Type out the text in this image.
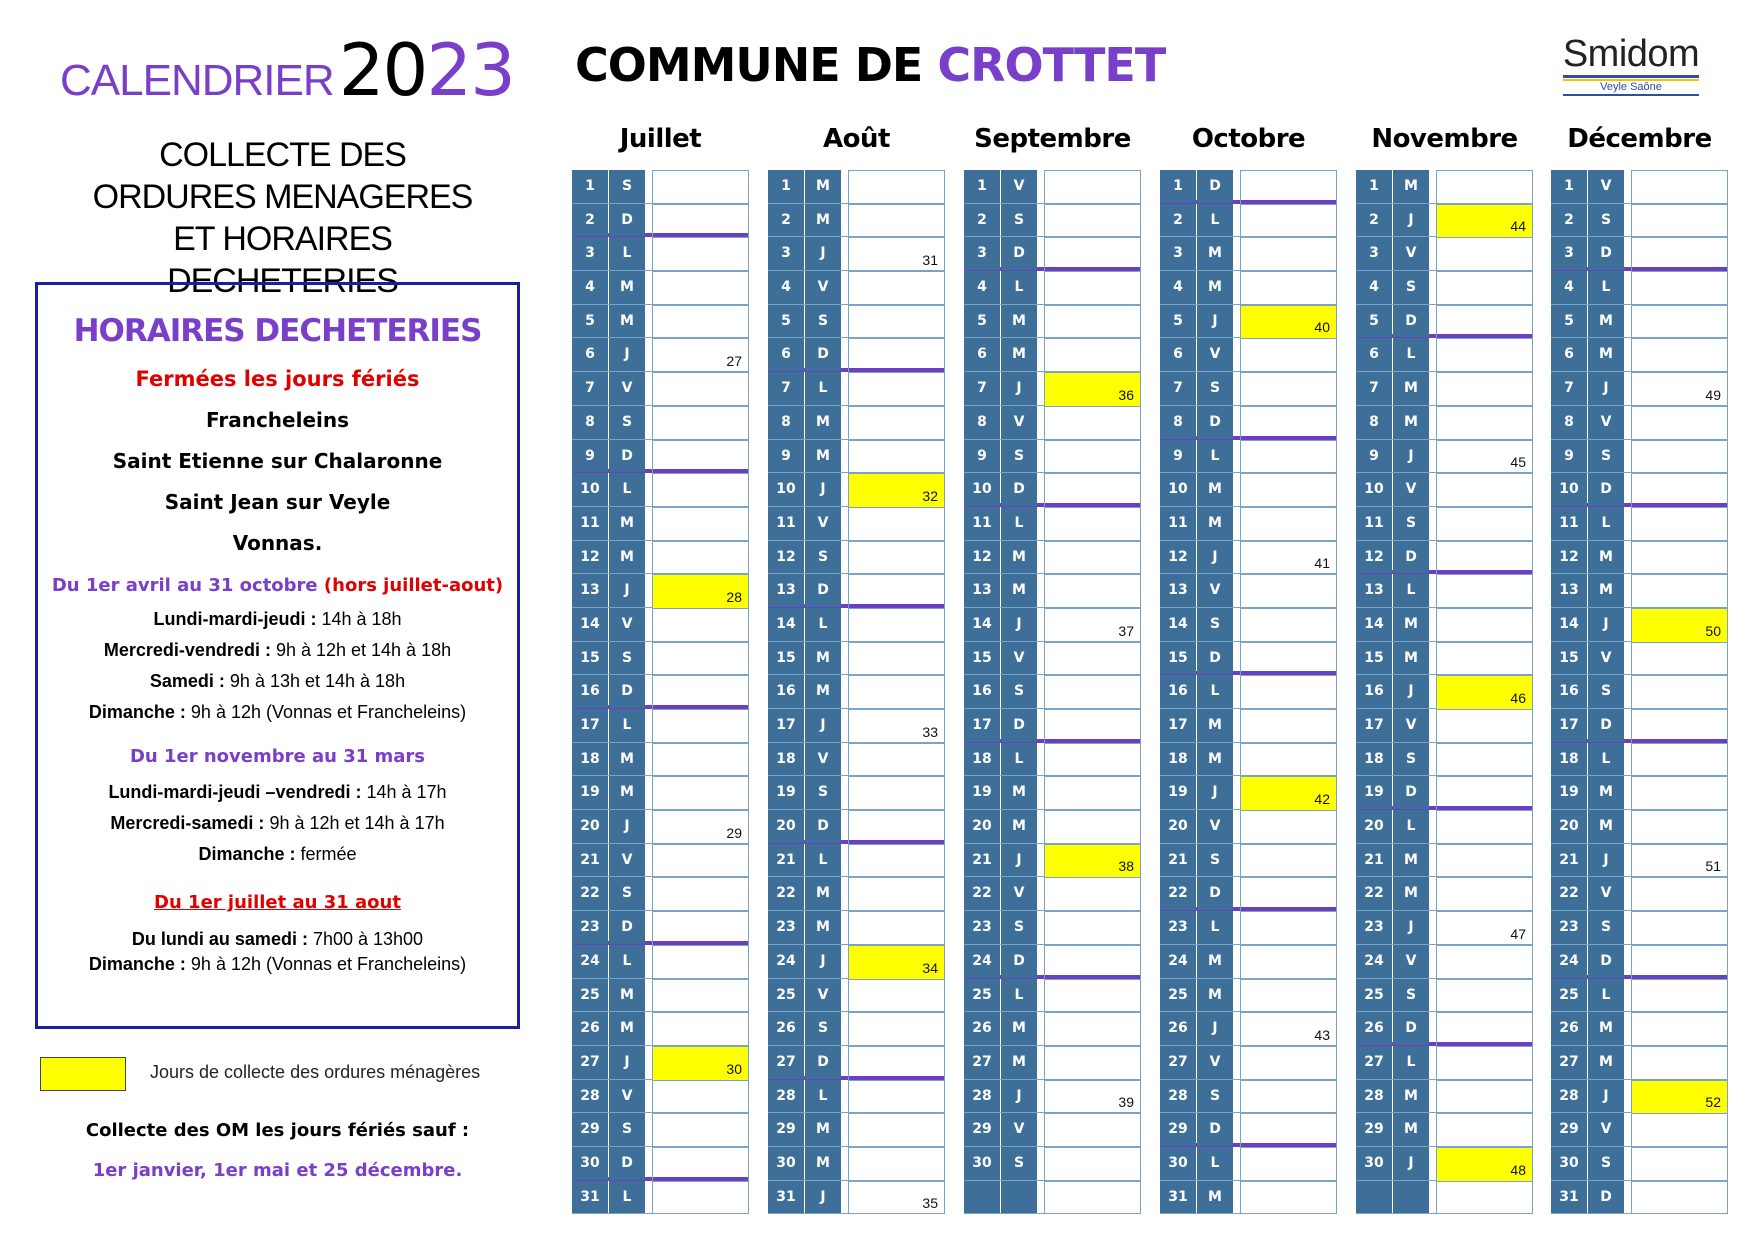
CALENDRIER 2023 COMMUNE DE CROTTET	Smidom
Veyle Saône
COLLECTE DES
ORDURES MENAGERES
ET HORAIRES DECHETERIES
HORAIRES DECHETERIES
Fermées les jours fériés
Francheleins
Saint Etienne sur Chalaronne
Saint Jean sur Veyle
Vonnas.
Du 1er avril au 31 octobre (hors juillet-aout)
Lundi-mardi-jeudi : 14h à 18h
Mercredi-vendredi : 9h à 12h et 14h à 18h
Samedi : 9h à 13h et 14h à 18h
Dimanche : 9h à 12h (Vonnas et Francheleins)
Du 1er novembre au 31 mars
Lundi-mardi-jeudi –vendredi : 14h à 17h
Mercredi-samedi : 9h à 12h et 14h à 17h
Dimanche : fermée
Du 1er juillet au 31 aout
Du lundi au samedi : 7h00 à 13h00
Dimanche : 9h à 12h (Vonnas et Francheleins)
Jours de collecte des ordures ménagères
Collecte des OM les jours fériés sauf :
1er janvier, 1er mai et 25 décembre.
Juillet
1	S
2	D
3	L
4	M
5	M
6	J	27
7	V
8	S
9	D
10	L
11	M
12	M
13	J	28
14	V
15	S
16	D
17	L
18	M
19	M
20	J	29
21	V
22	S
23	D
24	L
25	M
26	M
27	J	30
28	V
29	S
30	D
31	L
Août
1	M
2	M
3	J	31
4	V
5	S
6	D
7	L
8	M
9	M
10	J	32
11	V
12	S
13	D
14	L
15	M
16	M
17	J	33
18	V
19	S
20	D
21	L
22	M
23	M
24	J	34
25	V
26	S
27	D
28	L
29	M
30	M
31	J	35
Septembre
1	V
2	S
3	D
4	L
5	M
6	M
7	J	36
8	V
9	S
10	D
11	L
12	M
13	M
14	J	37
15	V
16	S
17	D
18	L
19	M
20	M
21	J	38
22	V
23	S
24	D
25	L
26	M
27	M
28	J	39
29	V
30	S
Octobre
1	D
2	L
3	M
4	M
5	J	40
6	V
7	S
8	D
9	L
10	M
11	M
12	J	41
13	V
14	S
15	D
16	L
17	M
18	M
19	J	42
20	V
21	S
22	D
23	L
24	M
25	M
26	J	43
27	V
28	S
29	D
30	L
31	M
Novembre
1	M
2	J	44
3	V
4	S
5	D
6	L
7	M
8	M
9	J	45
10	V
11	S
12	D
13	L
14	M
15	M
16	J	46
17	V
18	S
19	D
20	L
21	M
22	M
23	J	47
24	V
25	S
26	D
27	L
28	M
29	M
30	J	48
Décembre
1	V
2	S
3	D
4	L
5	M
6	M
7	J	49
8	V
9	S
10	D
11	L
12	M
13	M
14	J	50
15	V
16	S
17	D
18	L
19	M
20	M
21	J	51
22	V
23	S
24	D
25	L
26	M
27	M
28	J	52
29	V
30	S
31	D
